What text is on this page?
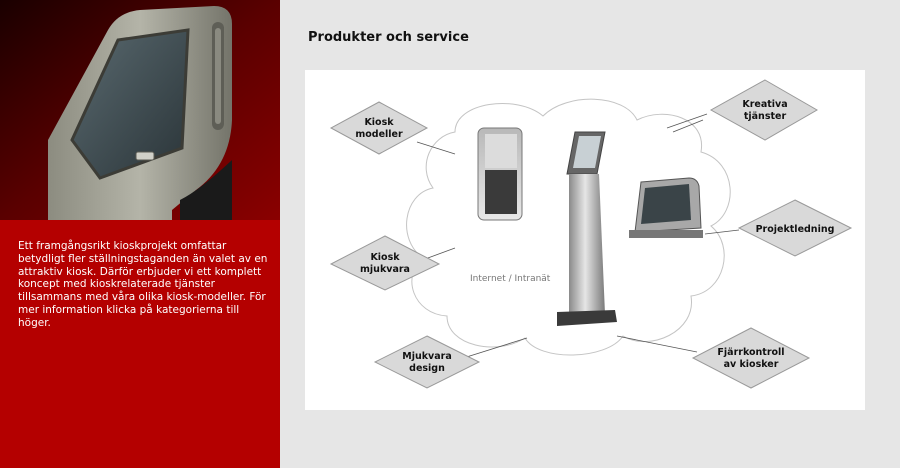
Ett framgångsrikt kioskprojekt omfattar betydligt fler ställningstaganden än valet av en attraktiv kiosk. Därför erbjuder vi ett komplett koncept med kioskrelaterade tjänster tillsammans med våra olika kiosk-modeller. För mer information klicka på kategorierna till höger.

Produkter och service
Internet / Intranät
Kiosk
modeller
Kreativa
tjänster
Projektledning
Kiosk
mjukvara
Mjukvara
design
Fjärrkontroll
av kiosker
